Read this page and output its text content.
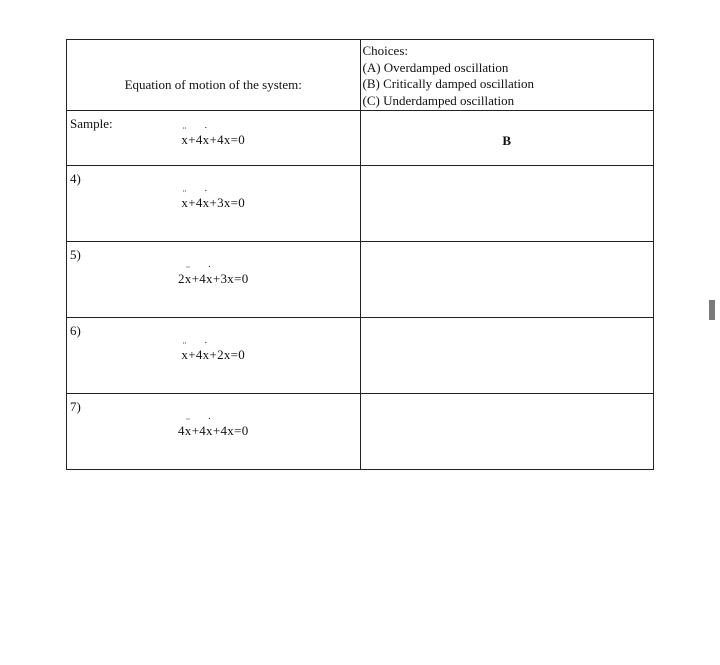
Equation of motion of the system:	Choices:
(A) Overdamped oscillation
(B) Critically damped oscillation
(C) Underdamped oscillation

Sample:
¨ x+4˙ x+4x=0	B

4)
¨ x+4˙ x+3x=0

5)
2¨ x+4˙ x+3x=0

6)
¨ x+4˙ x+2x=0

7)
4¨ x+4˙ x+4x=0
